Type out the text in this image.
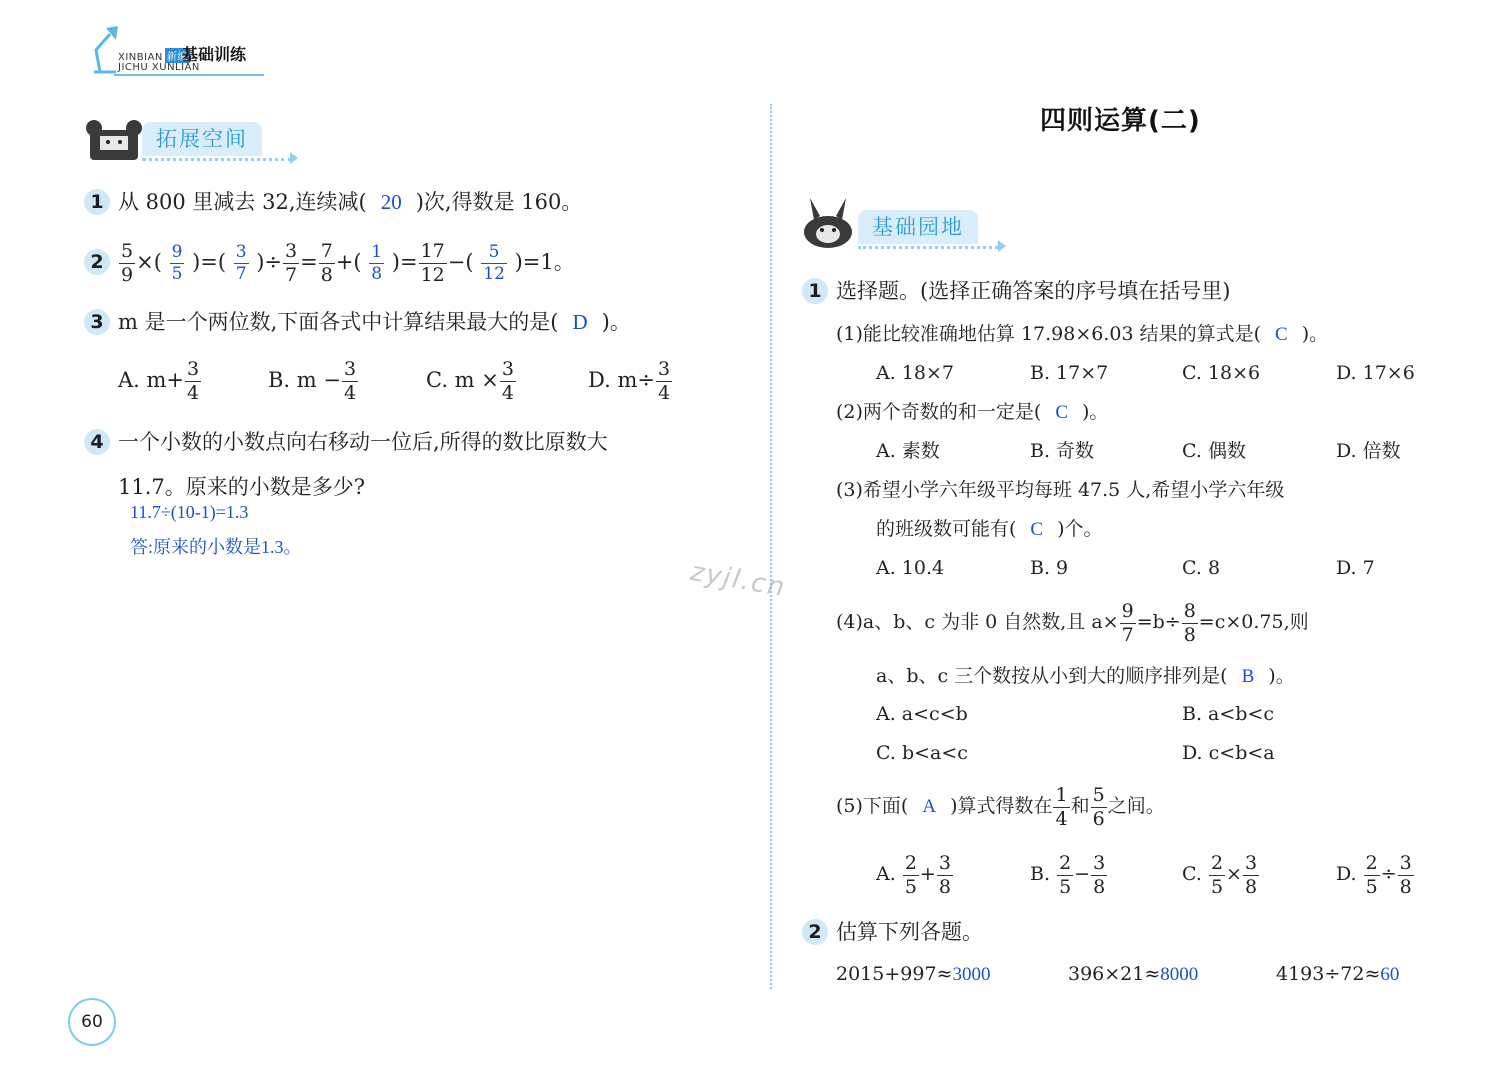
XINBIAN 新编
JICHU XUNLIAN
基础训练
拓展空间
1 从 800 里减去 32,连续减( 20 )次,得数是 160。
$2 \frac{5}{9}$ ×( $\frac{9}{5}$ )=( $\frac{3}{7}$ )÷ $\frac{3}{7} = \frac{7}{8}$ +( $\frac{1}{8}$ )= $\frac{17}{12}$ −( $\frac{5}{12} )=1$。
3 m 是一个两位数,下面各式中计算结果最大的是( D )。
A. $m+ \frac{3}{4}$	B. $m - \frac{3}{4}$	C. $m \times \frac{3}{4}$	D. $m\div \frac{3}{4}$
4 一个小数的小数点向右移动一位后,所得的数比原数大
11.7。原来的小数是多少?
11.7÷(10-1)=1.3
答:原来的小数是1.3。
zyjl.cn
四则运算(二)
基础园地
1 选择题。(选择正确答案的序号填在括号里)
(1)能比较准确地估算 17.98×6.03 结果的算式是( C )。
A. 18×7	B. 17×7	C. 18×6	D. 17×6
(2)两个奇数的和一定是( C )。
A. 素数	B. 奇数	C. 偶数	D. 倍数
(3)希望小学六年级平均每班 47.5 人,希望小学六年级
的班级数可能有( C )个。
A. 10.4	B. 9	C. 8	D. 7
(4)a、b、c 为非 0 自然数,且 $a\times \frac{9}{7} =b\div \frac{8}{8} =c\times 0.75$,则
a、b、c 三个数按从小到大的顺序排列是( B )。
A. a<c<b	B. a<b<c
C. b<a<c	D. c<b<a
(5)下面( A )算式得数在 $\frac{1}{4}$ 和 $\frac{5}{6}$ 之间。
A. $\frac{2}{5} + \frac{3}{8}$	B. $\frac{2}{5} - \frac{3}{8}$	C. $\frac{2}{5} \times \frac{3}{8}$	D. $\frac{2}{5} \div \frac{3}{8}$
2 估算下列各题。
2015+997≈3000	396×21≈8000	4193÷72≈60
60
